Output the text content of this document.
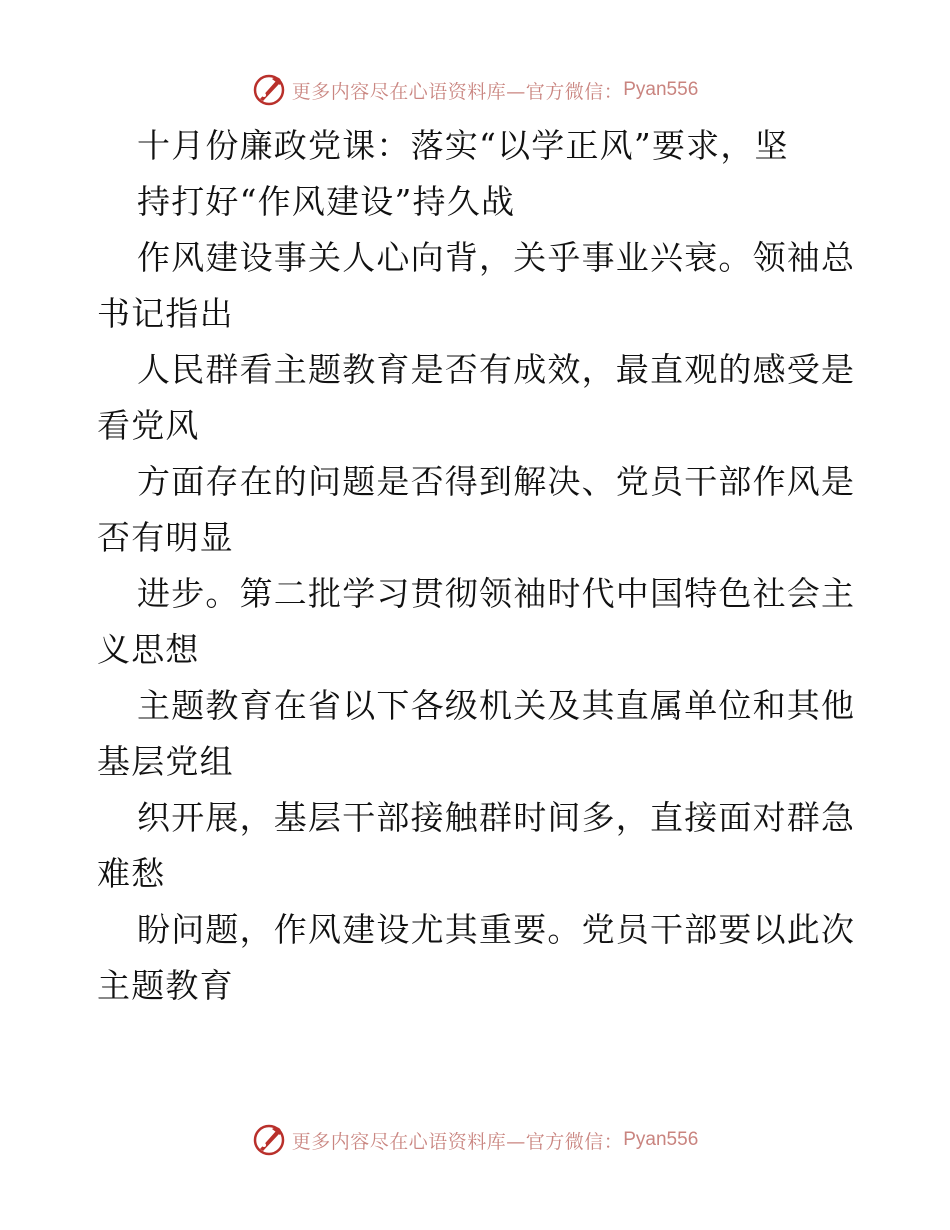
更多内容尽在心语资料库—官方微信： Pyan556
十月份廉政党课：落实“以学正风”要求，坚
持打好“作风建设”持久战
作风建设事关人心向背，关乎事业兴衰。领袖总
书记指出
人民群看主题教育是否有成效，最直观的感受是
看党风
方面存在的问题是否得到解决、党员干部作风是
否有明显
进步。第二批学习贯彻领袖时代中国特色社会主
义思想
主题教育在省以下各级机关及其直属单位和其他
基层党组
织开展，基层干部接触群时间多，直接面对群急
难愁
盼问题，作风建设尤其重要。党员干部要以此次
主题教育
更多内容尽在心语资料库—官方微信： Pyan556
